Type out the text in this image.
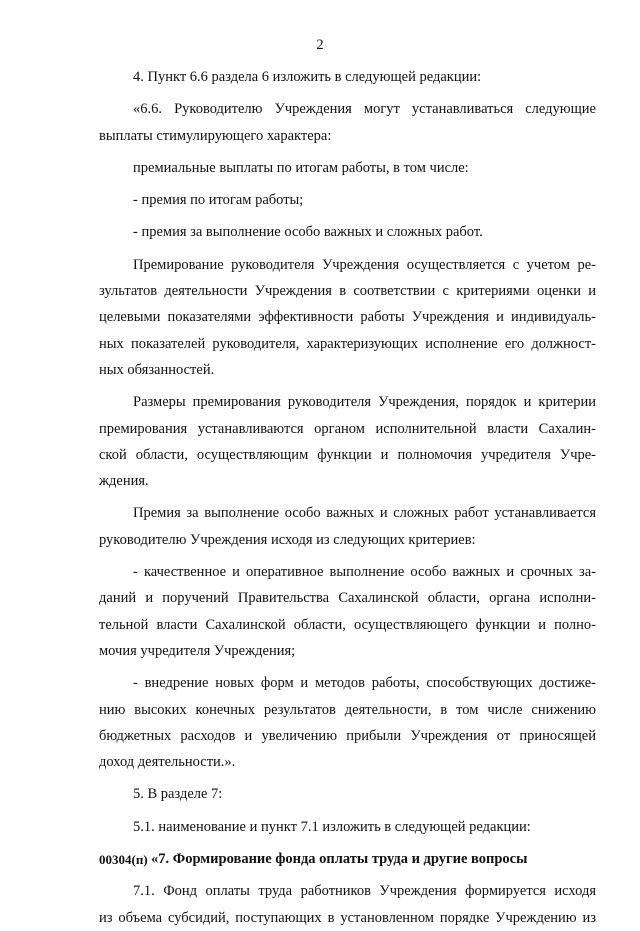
2
4. Пункт 6.6 раздела 6 изложить в следующей редакции:
«6.6. Руководителю Учреждения могут устанавливаться следующие
выплаты стимулирующего характера:
премиальные выплаты по итогам работы, в том числе:
- премия по итогам работы;
- премия за выполнение особо важных и сложных работ.
Премирование руководителя Учреждения осуществляется с учетом ре-
зультатов деятельности Учреждения в соответствии с критериями оценки и
целевыми показателями эффективности работы Учреждения и индивидуаль-
ных показателей руководителя, характеризующих исполнение его должност-
ных обязанностей.
Размеры премирования руководителя Учреждения, порядок и критерии
премирования устанавливаются органом исполнительной власти Сахалин-
ской области, осуществляющим функции и полномочия учредителя Учре-
ждения.
Премия за выполнение особо важных и сложных работ устанавливается
руководителю Учреждения исходя из следующих критериев:
- качественное и оперативное выполнение особо важных и срочных за-
даний и поручений Правительства Сахалинской области, органа исполни-
тельной власти Сахалинской области, осуществляющего функции и полно-
мочия учредителя Учреждения;
- внедрение новых форм и методов работы, способствующих достиже-
нию высоких конечных результатов деятельности, в том числе снижению
бюджетных расходов и увеличению прибыли Учреждения от приносящей
доход деятельности.».
5. В разделе 7:
5.1. наименование и пункт 7.1 изложить в следующей редакции:
«7. Формирование фонда оплаты труда и другие вопросы
7.1. Фонд оплаты труда работников Учреждения формируется исходя
из объема субсидий, поступающих в установленном порядке Учреждению из
00304(п)
